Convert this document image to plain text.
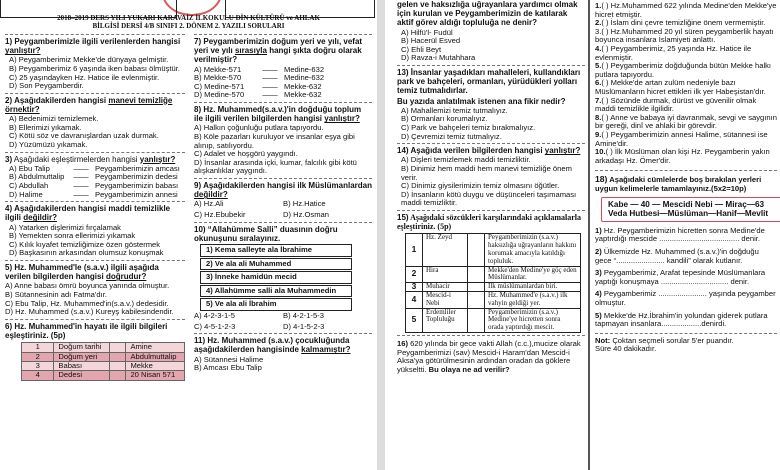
2018–2019 DERS YILI YUKARI KARAVAİZ İLKOKULU DİN KÜLTÜRÜ ve AHLAK
BİLGİSİ DERSİ 4/B SINIFI 2. DÖNEM 2. YAZILI SORULARI
1) Peygamberimizle ilgili verilenlerden hangisi yanlıştır?
A) Peygamberimiz Mekke'de dünyaya gelmiştir.
B) Peygamberimiz 6 yaşında iken babası ölmüştür.
C) 25 yaşındayken Hz. Hatice ile evlenmiştir.
D) Son Peygamberdir.
2) Aşağıdakilerden hangisi manevi temizliğe örnektir?
A) Bedenimizi temizlemek.
B) Ellerimizi yıkamak.
C) Kötü söz ve davranışlardan uzak durmak.
D) Yüzümüzü yıkamak.
3) Aşağıdaki eşleştirmelerden hangisi yanlıştır?
A) Ebu Talip	—— Peygamberimizin amcası
B) Abdulmuttalip	—— Peygamberimizin dedesi
C) Abdullah	—— Peygamberimizin babası
D) Halime	—— Peygamberimizin annesi
4) Aşağıdakilerden hangisi maddi temizlikle ilgili değildir?
A) Yatarken dişlerimizi fırçalamak
B) Yemekten sonra ellerimizi yıkamak
C) Kılık kıyafet temizliğimize özen göstermek
D) Başkasının arkasından olumsuz konuşmak
5) Hz. Muhammed'le (s.a.v.) ilgili aşağıda verilen bilgilerden hangisi doğrudur?
A) Anne babası ömrü boyunca yanında olmuştur.
B) Sütannesinin adı Fatma'dır.
C) Ebu Talip, Hz. Muhammed'in(s.a.v.) dedesidir.
D) Hz. Muhammed (s.a.v.) Kureyş kabilesindendir.
6) Hz. Muhammed'in hayatı ile ilgili bilgileri eşleştiriniz. (5p)
1	Doğum tarihi		Amine
2	Doğum yeri		Abdulmuttalip
3	Babası		Mekke
4	Dedesi		20 Nisan 571
7) Peygamberimizin doğum yeri ve yılı, vefat yeri ve yılı sırasıyla hangi şıkta doğru olarak verilmiştir?
A) Mekke-571	—— Medine-632
B) Mekke-570	—— Medine-632
C) Medine-571	—— Mekke-632
D) Medine-570	—— Mekke-632
8) Hz. Muhammed(s.a.v.)'in doğduğu toplum ile ilgili verilen bilgilerden hangisi yanlıştır?
A) Halkın çoğunluğu putlara tapıyordu.
B) Köle pazarları kuruluyor ve insanlar eşya gibi alınıp, satılıyordu.
C) Adalet ve hoşgörü yaygındı.
D) İnsanlar arasında içki, kumar, falcılık gibi kötü alışkanlıklar yaygındı.
9) Aşağıdakilerden hangisi ilk Müslümanlardan değildir?
A) Hz.Ali	B) Hz.Hatice
C) Hz.Ebubekir	D) Hz.Osman
10) “Allahümme Salli” duasının doğru okunuşunu sıralayınız.
1) Kema salleyte ala İbrahime
2) Ve ala ali Muhammed
3) İnneke hamidün mecid
4) Allahümme salli ala Muhammedin
5) Ve ala ali İbrahim
A) 4-2-3-1-5	B) 4-2-1-5-3
C) 4-5-1-2-3	D) 4-1-5-2-3
11) Hz. Muhammed (s.a.v.) çocukluğunda aşağıdakilerden hangisinde kalmamıştır?
A) Sütannesi Halime
B) Amcası Ebu Talip
gelen ve haksızlığa uğrayanlara yardımcı olmak için kurulan ve Peygamberimizin de katılarak aktif görev aldığı topluluğa ne denir?
A) Hilfü'l- Fudül
B) Hacerül Esved
C) Ehli Beyt
D) Ravza-i Mutahhara
13) İnsanlar yaşadıkları mahalleleri, kullandıkları park ve bahçeleri, ormanları, yürüdükleri yolları temiz tutmalıdırlar.
Bu yazıda anlatılmak istenen ana fikir nedir?
A) Mahallemizi temiz tutmalıyız.
B) Ormanları korumalıyız.
C) Park ve bahçeleri temiz bırakmalıyız.
D) Çevremizi temiz tutmalıyız.
14) Aşağıda verilen bilgilerden hangisi yanlıştır?
A) Dişleri temizlemek maddi temizliktir.
B) Dinimiz hem maddi hem manevi temizliğe önem verir.
C) Dinimiz giysilerimizin temiz olmasını öğütler.
D) İnsanların kötü duygu ve düşünceleri taşımaması maddi temizliktir.
15) Aşağıdaki sözcükleri karşılarındaki açıklamalarla eşleştiriniz. (5p)
1	Hz. Zeyd		Peygamberimizin (s.a.v.) haksızlığa uğrayanların hakkını korumak amacıyla katıldığı topluluk.
2	Hira		Mekke'den Medine'ye göç eden Müslümanlar.
3	Muhacir		İlk müslümanlardan biri.
4	Mescid-i Nebi		Hz. Muhammed'e (s.a.v.) ilk vahyin geldiği yer.
5	Erdemliler Topluluğu		Peygamberimizin (s.a.v.) Medine'ye hicretten sonra orada yaptırdığı mescit.
16) 620 yılında bir gece vakti Allah (c.c.),mucize olarak Peygamberimizi (sav) Mescid-i Haram'dan Mescid-i Aksa'ya götürülmesinin ardından oradan da göklere yükseltti. Bu olaya ne ad verilir?
1.( ) Hz.Muhammed 622 yılında Medine'den Mekke'ye hicret etmiştir.
2.( ) İslam dini çevre temizliğine önem vermemiştir.
3.( ) Hz.Muhammed 20 yıl süren peygamberlik hayatı boyunca insanlara İslamiyeti anlattı.
4.( ) Peygamberimiz, 25 yaşında Hz. Hatice ile evlenmiştir.
5.( ) Peygamberimiz doğduğunda bütün Mekke halkı putlara tapıyordu.
6.( ) Mekke'de artan zulüm nedeniyle bazı Müslümanların hicret ettikleri ilk yer Habeşistan'dır.
7.( ) Sözünde durmak, dürüst ve güvenilir olmak maddi temizlikle ilgilidir.
8.( ) Anne ve babaya iyi davranmak, sevgi ve saygının bir gereği, dinî ve ahlaki bir görevdir.
9.( ) Peygamberimizin annesi Halime, sütannesi ise Amine'dir.
10.( ) İlk Müslüman olan kişi Hz. Peygamberin yakın arkadaşı Hz. Ömer'dir.
18) Aşağıdaki cümlelerde boş bırakılan yerleri uygun kelimelerle tamamlayınız.(5x2=10p)
Kabe — 40 — Mescidi Nebi — Miraç—63
Veda Hutbesi—Müslüman—Hanif—Mevlit
1) Hz. Peygamberimizin hicretten sonra Medine'de yaptırdığı mescide ...................................... denir.
2) Ülkemizde Hz. Muhammed (s.a.v.)'in doğduğu gece “....................... kandili” olarak kutlanır.
3) Peygamberimiz, Arafat tepesinde Müslümanlara yaptığı konuşmaya ................................ denir.
4) Peygamberimiz ....................... yaşında peygamber olmuştur.
5) Mekke'de Hz.İbrahim'in yolundan giderek putlara tapmayan insanlara...................denirdi.
Not: Çoktan seçmeli sorular 5'er puandır.
Süre 40 dakikadır.
